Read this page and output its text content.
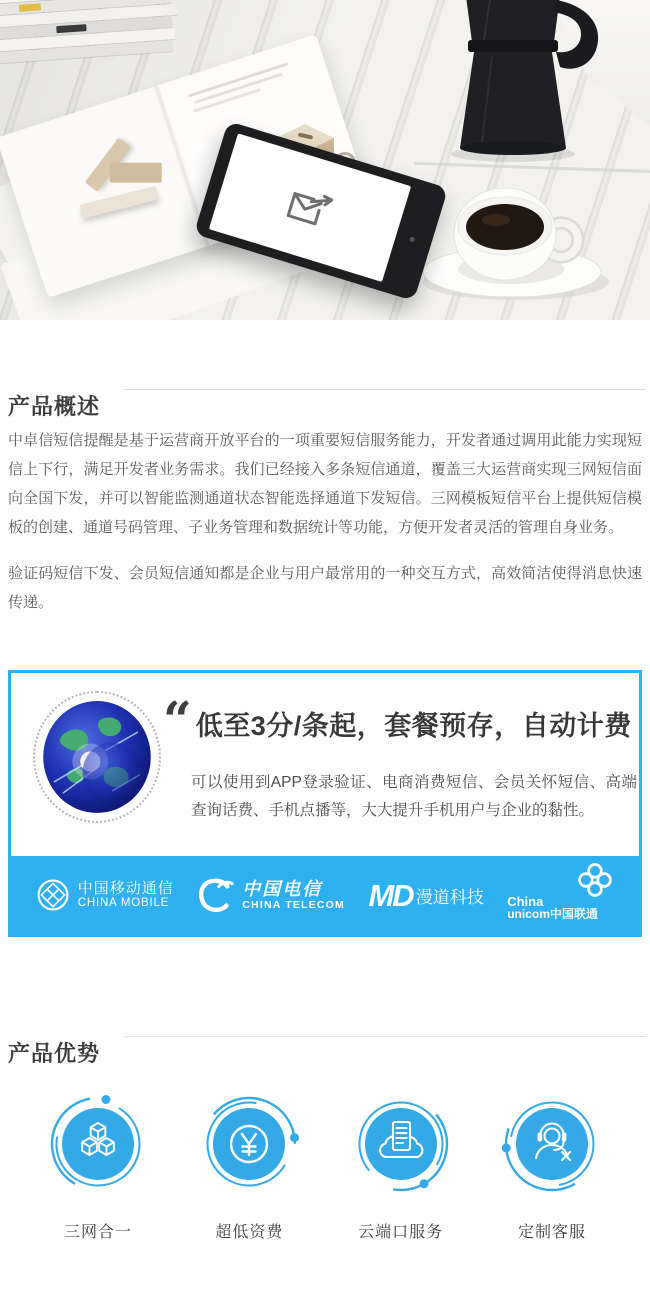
产品概述

中卓信短信提醒是基于运营商开放平台的一项重要短信服务能力，开发者通过调用此能力实现短信上下行，满足开发者业务需求。我们已经接入多条短信通道，覆盖三大运营商实现三网短信面向全国下发，并可以智能监测通道状态智能选择通道下发短信。三网模板短信平台上提供短信模板的创建、通道号码管理、子业务管理和数据统计等功能，方便开发者灵活的管理自身业务。

验证码短信下发、会员短信通知都是企业与用户最常用的一种交互方式，高效简洁使得消息快速传递。

“ 低至3分/条起，套餐预存，自动计费

可以使用到APP登录验证、电商消费短信、会员关怀短信、高端查询话费、手机点播等，大大提升手机用户与企业的黏性。

中国移动通信
CHINA MOBILE
中国电信
CHINA TELECOM MD 漫道科技 China
unicom中国联通
产品优势
三网合一	超低资费	云端口服务	定制客服
